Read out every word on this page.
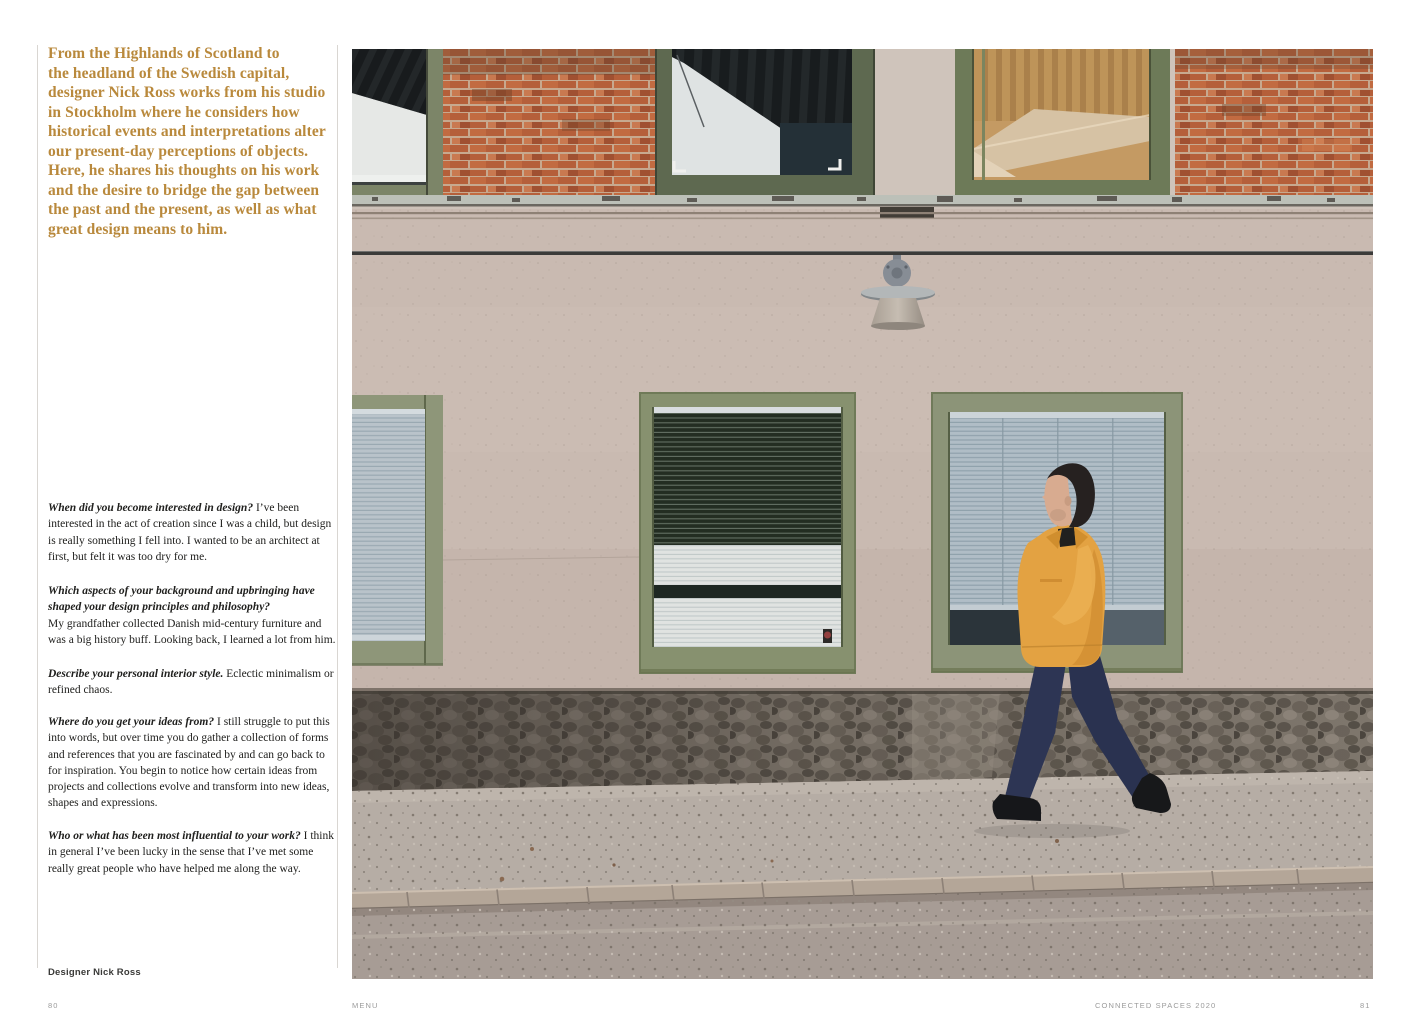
From the Highlands of Scotland to
the headland of the Swedish capital,
designer Nick Ross works from his studio
in Stockholm where he considers how
historical events and interpretations alter
our present-day perceptions of objects.
Here, he shares his thoughts on his work
and the desire to bridge the gap between
the past and the present, as well as what
great design means to him.

When did you become interested in design? I’ve been interested in the act of creation since I was a child, but design is really something I fell into. I wanted to be an architect at first, but felt it was too dry for me.

Which aspects of your background and upbringing have shaped your design principles and philosophy?
My grandfather collected Danish mid-century furniture and was a big history buff. Looking back, I learned a lot from him.

Describe your personal interior style. Eclectic minimalism or refined chaos.

Where do you get your ideas from? I still struggle to put this into words, but over time you do gather a collection of forms and references that you are fascinated by and can go back to for inspiration. You begin to notice how certain ideas from projects and collections evolve and transform into new ideas, shapes and expressions.

Who or what has been most influential to your work? I think in general I’ve been lucky in the sense that I’ve met some really great people who have helped me along the way.

Designer Nick Ross
80	MENU	CONNECTED SPACES 2020	81
